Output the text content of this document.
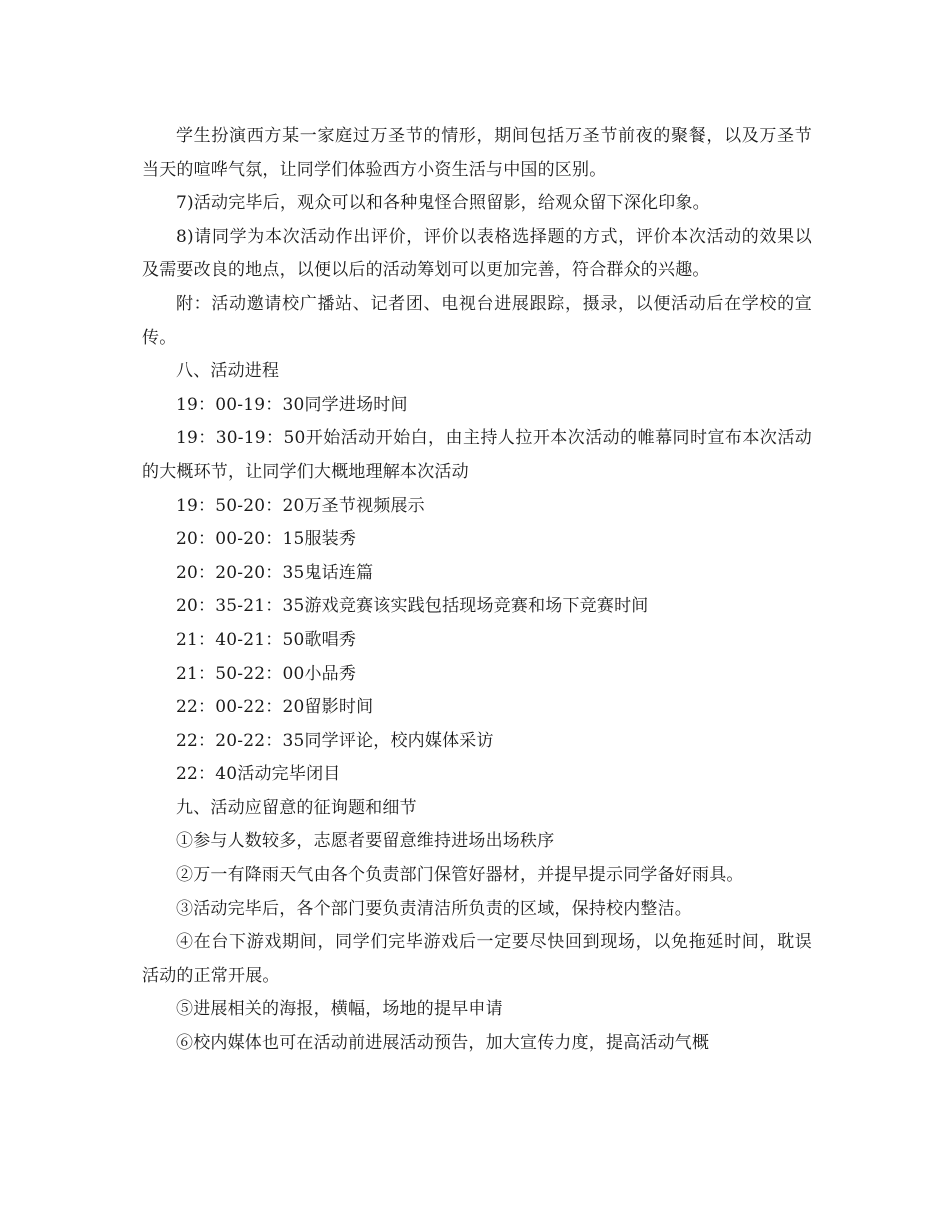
学生扮演西方某一家庭过万圣节的情形，期间包括万圣节前夜的聚餐，以及万圣节当天的喧哗气氛，让同学们体验西方小资生活与中国的区别。

7)活动完毕后，观众可以和各种鬼怪合照留影，给观众留下深化印象。

8)请同学为本次活动作出评价，评价以表格选择题的方式，评价本次活动的效果以及需要改良的地点，以便以后的活动筹划可以更加完善，符合群众的兴趣。

附：活动邀请校广播站、记者团、电视台进展跟踪，摄录，以便活动后在学校的宣传。

八、活动进程

19：00-19：30同学进场时间

19：30-19：50开始活动开始白，由主持人拉开本次活动的帷幕同时宣布本次活动的大概环节，让同学们大概地理解本次活动

19：50-20：20万圣节视频展示

20：00-20：15服装秀

20：20-20：35鬼话连篇

20：35-21：35游戏竞赛该实践包括现场竞赛和场下竞赛时间

21：40-21：50歌唱秀

21：50-22：00小品秀

22：00-22：20留影时间

22：20-22：35同学评论，校内媒体采访

22：40活动完毕闭目

九、活动应留意的征询题和细节

①参与人数较多，志愿者要留意维持进场出场秩序

②万一有降雨天气由各个负责部门保管好器材，并提早提示同学备好雨具。

③活动完毕后，各个部门要负责清洁所负责的区域，保持校内整洁。

④在台下游戏期间，同学们完毕游戏后一定要尽快回到现场，以免拖延时间，耽误活动的正常开展。

⑤进展相关的海报，横幅，场地的提早申请

⑥校内媒体也可在活动前进展活动预告，加大宣传力度，提高活动气概
